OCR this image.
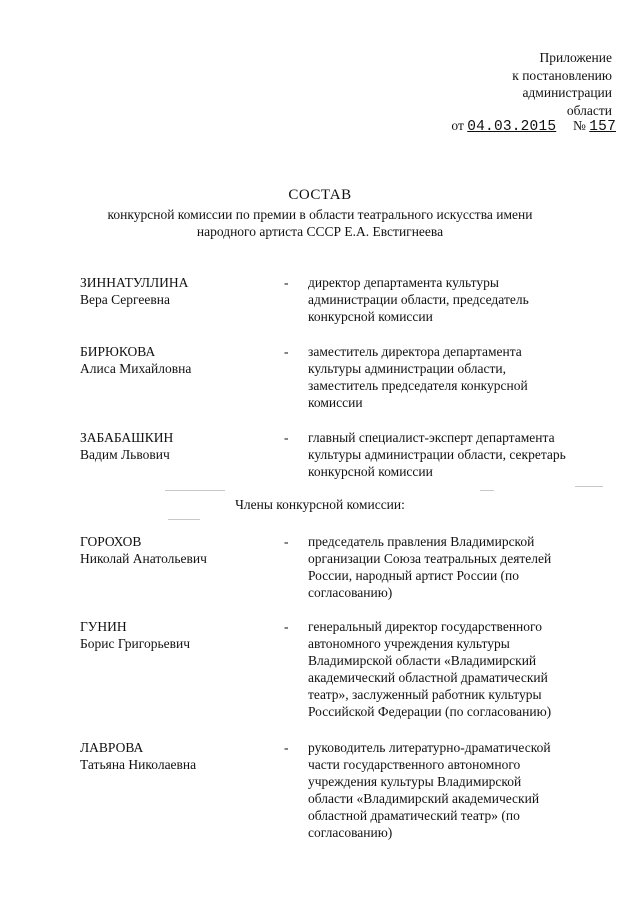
Приложение
к постановлению
администрации
области
от 04.03.2015 № 157
СОСТАВ
конкурсной комиссии по премии в области театрального искусства имени
народного артиста СССР Е.А. Евстигнеева
ЗИННАТУЛЛИНА
Вера Сергеевна
- директор департамента культуры
администрации области, председатель
конкурсной комиссии
БИРЮКОВА
Алиса Михайловна
- заместитель директора департамента
культуры администрации области,
заместитель председателя конкурсной
комиссии
ЗАБАБАШКИН
Вадим Львович
- главный специалист-эксперт департамента
культуры администрации области, секретарь
конкурсной комиссии
Члены конкурсной комиссии:
ГОРОХОВ
Николай Анатольевич
- председатель правления Владимирской
организации Союза театральных деятелей
России, народный артист России (по
согласованию)
ГУНИН
Борис Григорьевич
- генеральный директор государственного
автономного учреждения культуры
Владимирской области «Владимирский
академический областной драматический
театр», заслуженный работник культуры
Российской Федерации (по согласованию)
ЛАВРОВА
Татьяна Николаевна
- руководитель литературно-драматической
части государственного автономного
учреждения культуры Владимирской
области «Владимирский академический
областной драматический театр» (по
согласованию)
